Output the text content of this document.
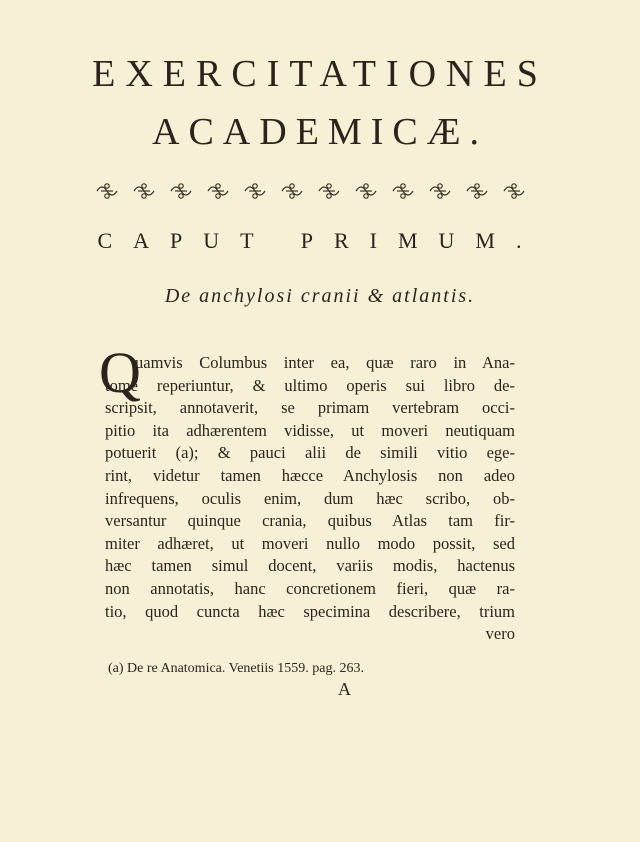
EXERCITATIONES
ACADEMICÆ.
CAPUT PRIMUM.
De anchylosi cranii & atlantis.
Q
uamvis Columbus inter ea, quæ raro in Ana-
tome reperiuntur, & ultimo operis sui libro de-
scripsit, annotaverit, se primam vertebram occi-
pitio ita adhærentem vidisse, ut moveri neutiquam
potuerit (a); & pauci alii de simili vitio ege-
rint, videtur tamen hæcce Anchylosis non adeo
infrequens, oculis enim, dum hæc scribo, ob-
versantur quinque crania, quibus Atlas tam fir-
miter adhæret, ut moveri nullo modo possit, sed
hæc tamen simul docent, variis modis, hactenus
non annotatis, hanc concretionem fieri, quæ ra-
tio, quod cuncta hæc specimina describere, trium
vero
(a) De re Anatomica. Venetiis 1559. pag. 263.
A
